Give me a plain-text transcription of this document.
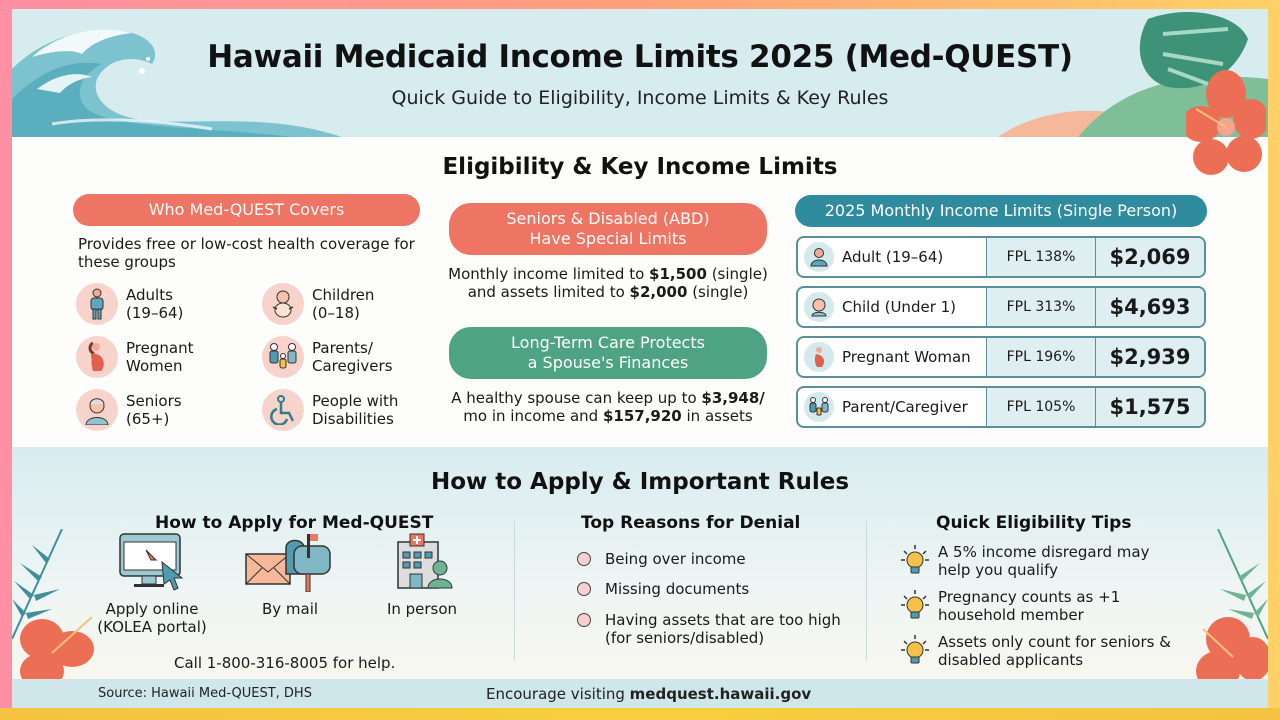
Hawaii Medicaid Income Limits 2025 (Med-QUEST)
Quick Guide to Eligibility, Income Limits & Key Rules
Eligibility & Key Income Limits
Who Med-QUEST Covers
Provides free or low-cost health coverage for these groups
Adults
(19–64)
Children
(0–18)
Pregnant
Women
Parents/
Caregivers
Seniors
(65+)
People with
Disabilities
Seniors & Disabled (ABD)
Have Special Limits
Monthly income limited to $1,500 (single)
and assets limited to $2,000 (single)
Long-Term Care Protects
a Spouse's Finances
A healthy spouse can keep up to $3,948/
mo in income and $157,920 in assets
2025 Monthly Income Limits (Single Person)
Adult (19–64)	FPL 138%	$2,069
Child (Under 1)	FPL 313%	$4,693
Pregnant Woman	FPL 196%	$2,939
Parent/Caregiver	FPL 105%	$1,575
How to Apply & Important Rules
How to Apply for Med-QUEST
Apply online
(KOLEA portal)
By mail	In person
Call 1-800-316-8005 for help.
Top Reasons for Denial
Being over income
Missing documents
Having assets that are too high
(for seniors/disabled)
Quick Eligibility Tips
A 5% income disregard may
help you qualify
Pregnancy counts as +1
household member
Assets only count for seniors &
disabled applicants
Source: Hawaii Med-QUEST, DHS	Encourage visiting medquest.hawaii.gov
